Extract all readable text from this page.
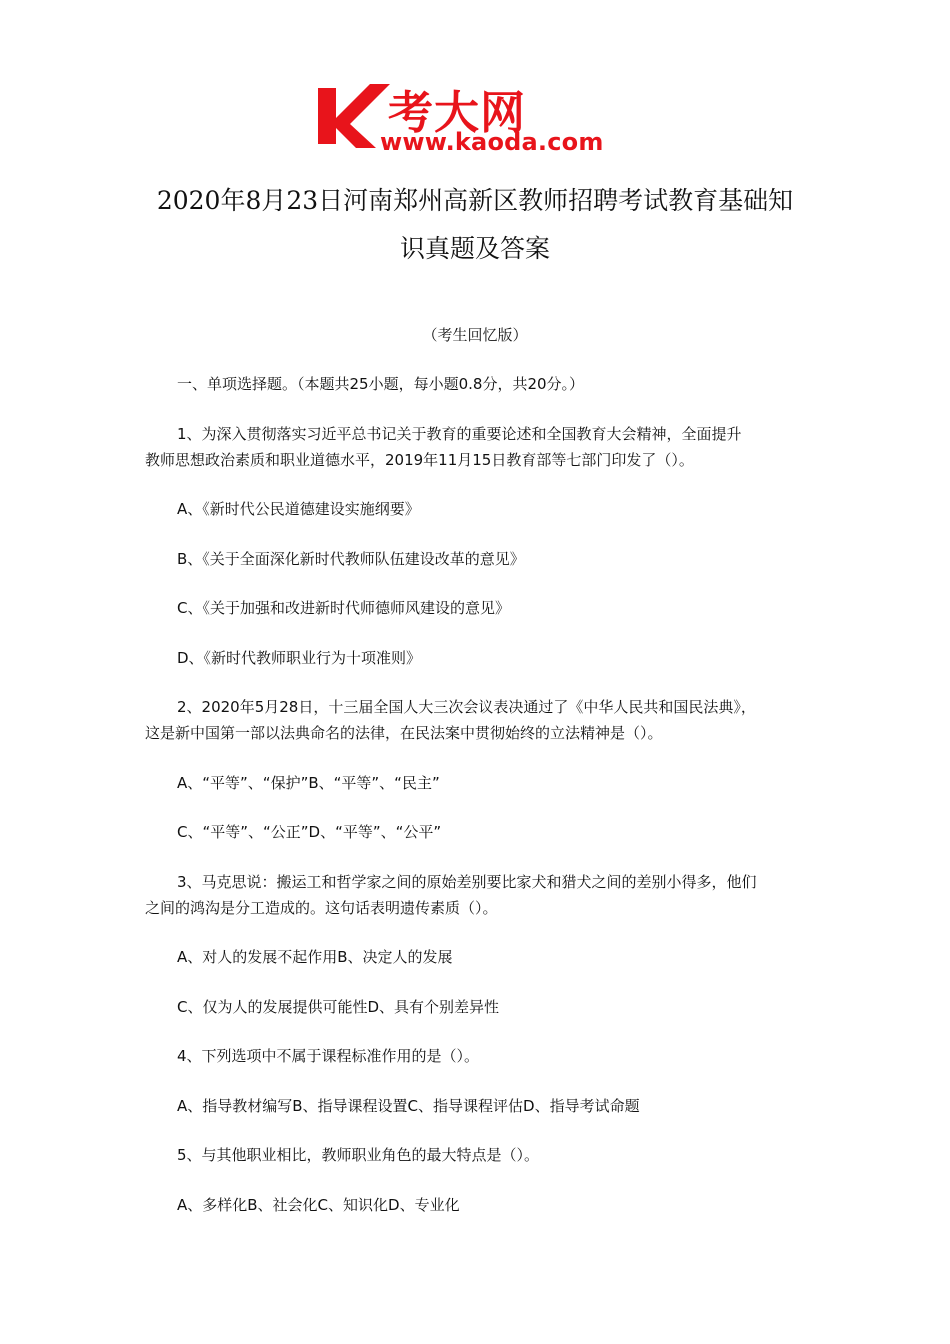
考大网
www.kaoda.com
2020年8月23日河南郑州高新区教师招聘考试教育基础知
识真题及答案
（考生回忆版）
一、单项选择题。（本题共25小题，每小题0.8分，共20分。）
1、为深入贯彻落实习近平总书记关于教育的重要论述和全国教育大会精神，全面提升
教师思想政治素质和职业道德水平，2019年11月15日教育部等七部门印发了（）。
A、《新时代公民道德建设实施纲要》
B、《关于全面深化新时代教师队伍建设改革的意见》
C、《关于加强和改进新时代师德师风建设的意见》
D、《新时代教师职业行为十项准则》
2、2020年5月28日，十三届全国人大三次会议表决通过了《中华人民共和国民法典》，
这是新中国第一部以法典命名的法律，在民法案中贯彻始终的立法精神是（）。
A、“平等”、“保护”B、“平等”、“民主”
C、“平等”、“公正”D、“平等”、“公平”
3、马克思说：搬运工和哲学家之间的原始差别要比家犬和猎犬之间的差别小得多，他们
之间的鸿沟是分工造成的。这句话表明遗传素质（）。
A、对人的发展不起作用B、决定人的发展
C、仅为人的发展提供可能性D、具有个别差异性
4、下列选项中不属于课程标准作用的是（）。
A、指导教材编写B、指导课程设置C、指导课程评估D、指导考试命题
5、与其他职业相比，教师职业角色的最大特点是（）。
A、多样化B、社会化C、知识化D、专业化
